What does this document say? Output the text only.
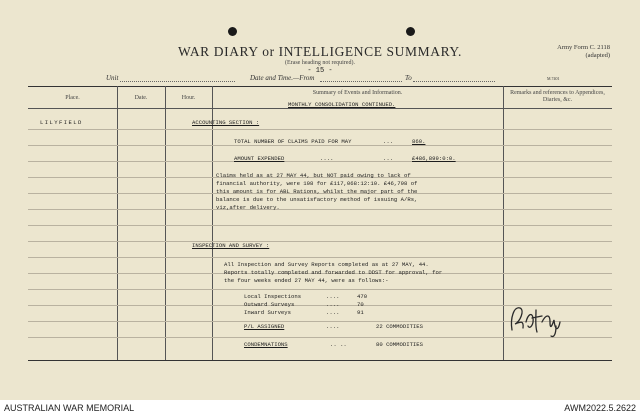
WAR DIARY or INTELLIGENCE SUMMARY.
(Erase heading not required).
- 15 -
Army Form C. 2118
(adapted)
Unit	Date and Time.—From	To	M.7401
Place.	Date.	Hour.
Summary of Events and Information.	Remarks and references to Appendices, Diaries, &c.
MONTHLY CONSOLIDATION CONTINUED.
LILYFIELD	ACCOUNTING SECTION :
TOTAL NUMBER OF CLAIMS PAID FOR MAY	...	860.
AMOUNT EXPENDED	....	...	£486,899:0:0.
Claims held as at 27 MAY 44, but NOT paid owing to lack of
financial authority, were 108 for £117,068:12:10. £46,798 of
this amount is for ABL Rations, whilst the major part of the
balance is due to the unsatisfactory method of issuing A/Rs,
viz,after delivery.
INSPECTION AND SURVEY :
All Inspection and Survey Reports completed as at 27 MAY, 44.
Reports totally completed and forwarded to DDST for approval, for
the four weeks ended 27 MAY 44, were as follows:-
Local Inspections	....	470
Outward Surveys	....	70
Inward Surveys	....	91
P/L ASSIGNED	....	22 COMMODITIES
CONDEMNATIONS	.. ..	80 COMMODITIES
AUSTRALIAN WAR MEMORIAL	AWM2022.5.2622
